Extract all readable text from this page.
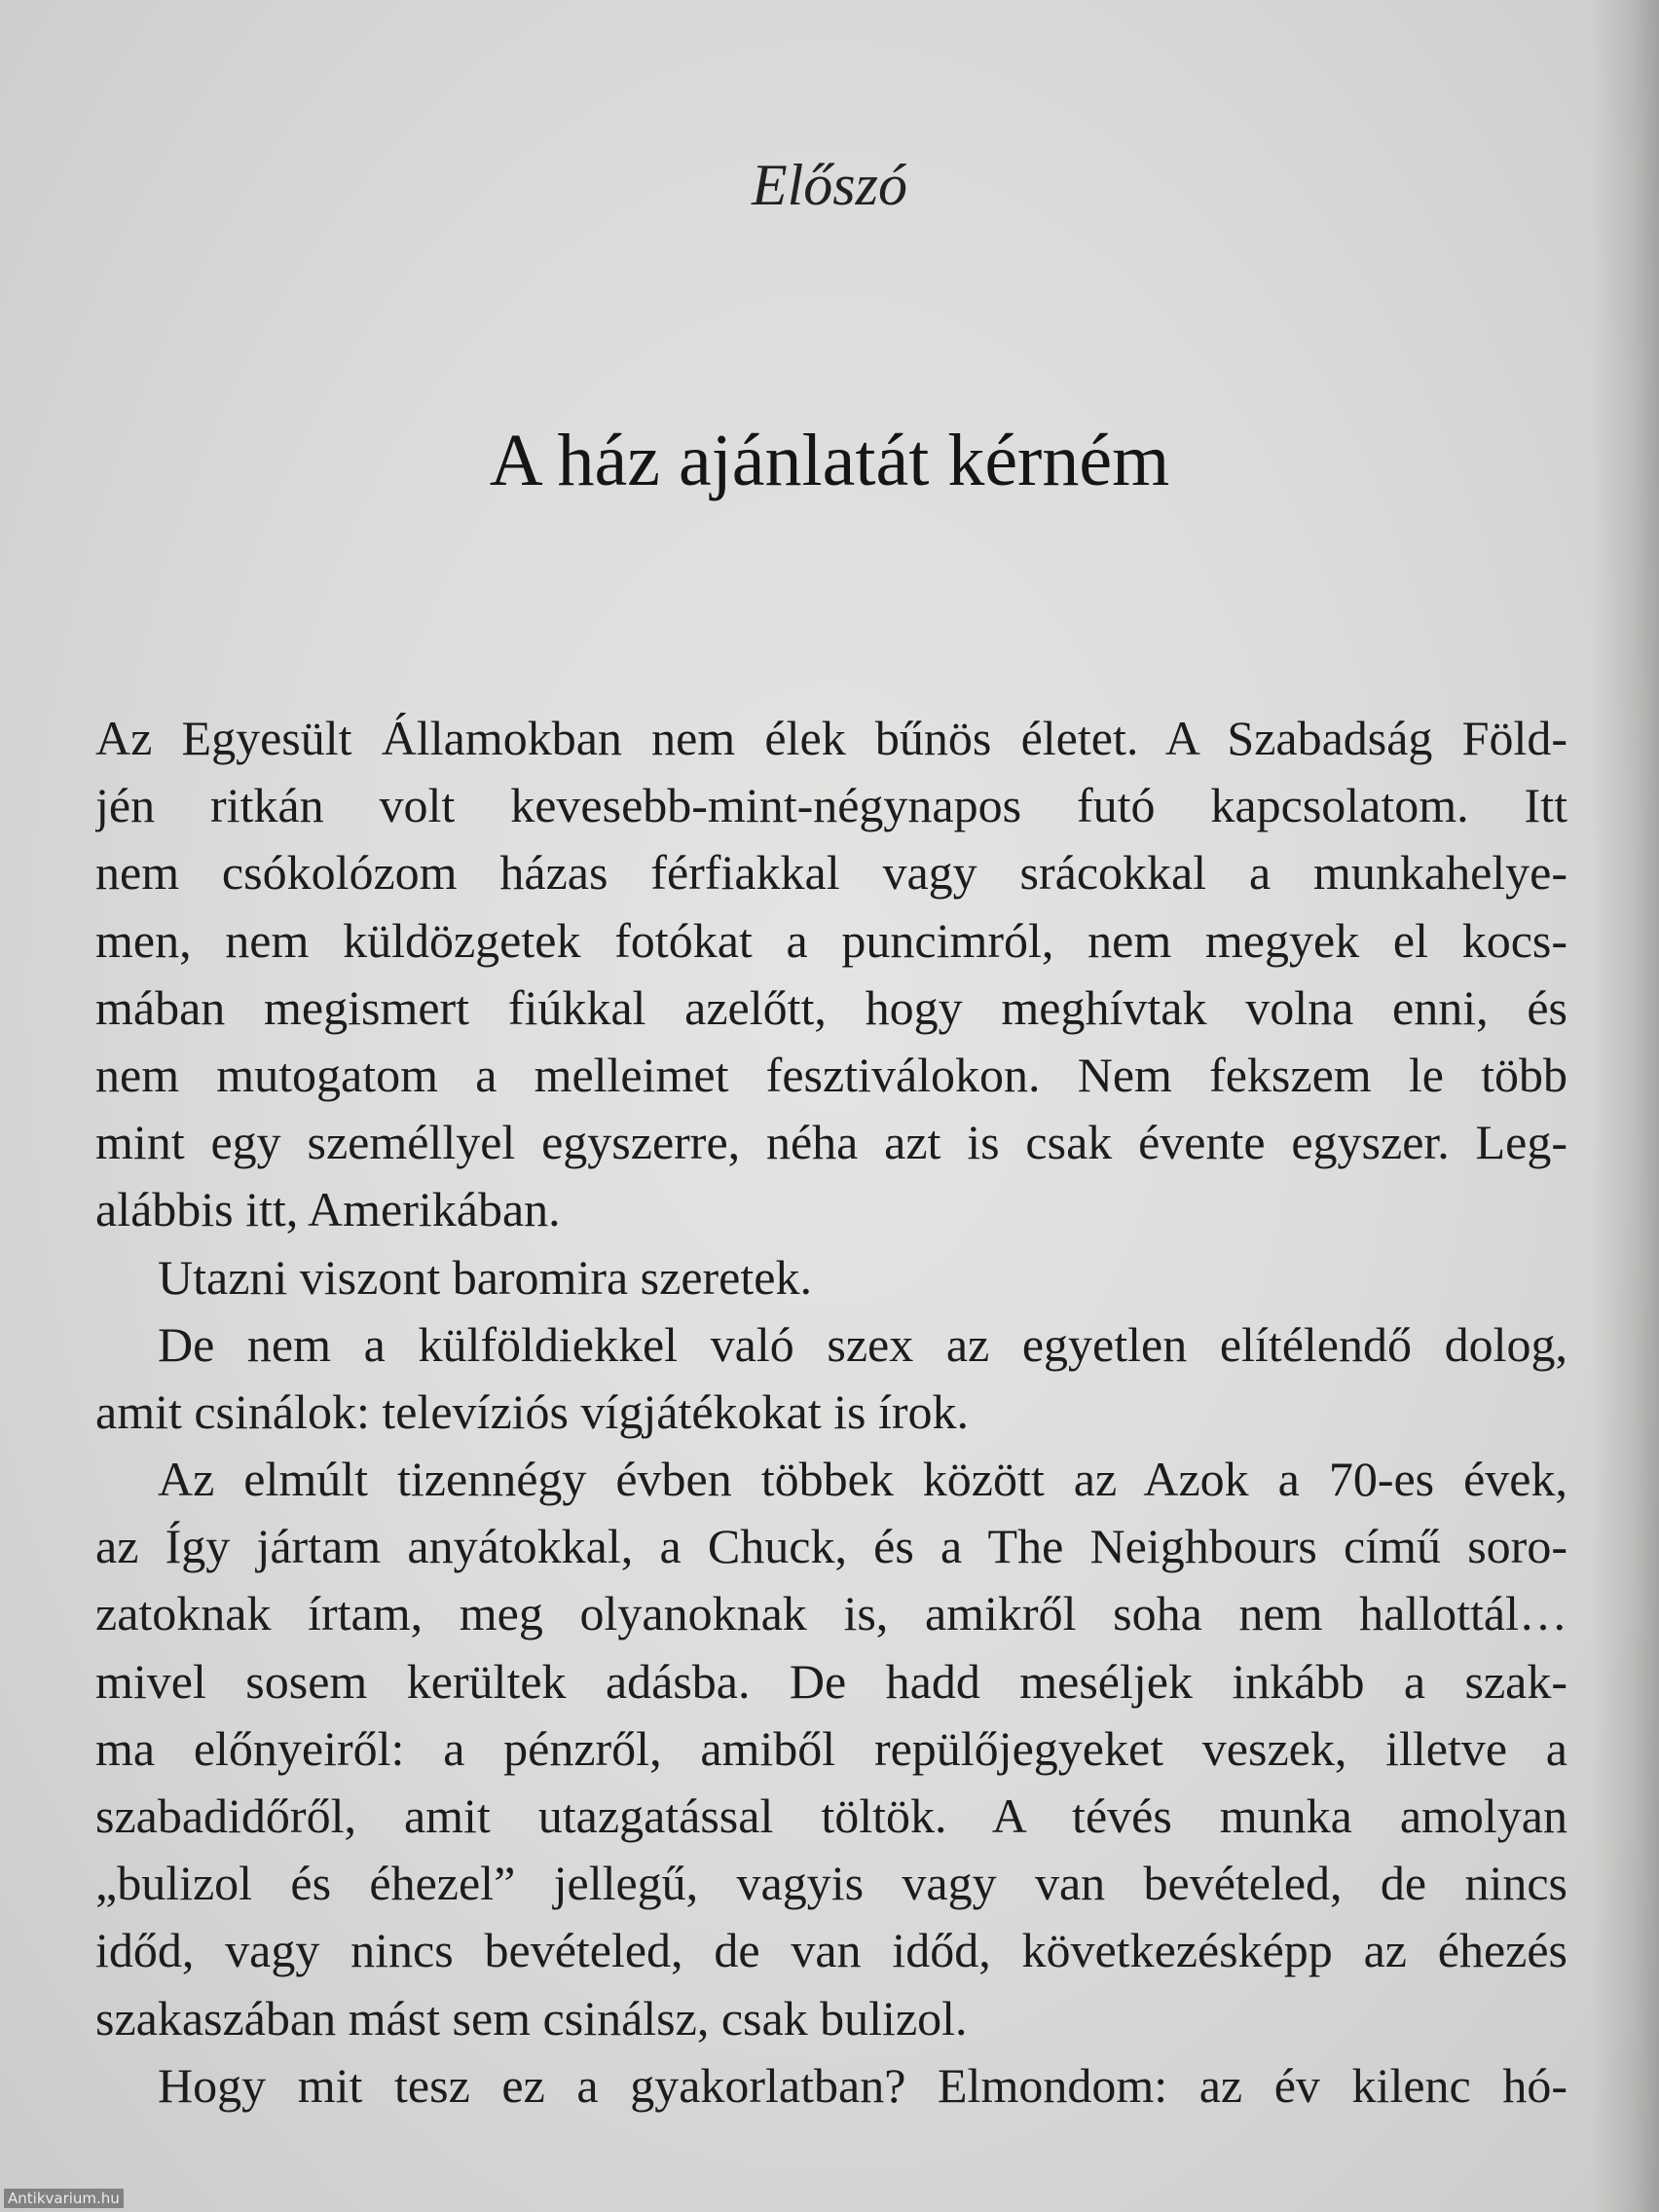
Előszó
A ház ajánlatát kérném
Az Egyesült Államokban nem élek bűnös életet. A Szabadság Föld-
jén ritkán volt kevesebb-mint-négynapos futó kapcsolatom. Itt
nem csókolózom házas férfiakkal vagy srácokkal a munkahelye-
men, nem küldözgetek fotókat a puncimról, nem megyek el kocs-
mában megismert fiúkkal azelőtt, hogy meghívtak volna enni, és
nem mutogatom a melleimet fesztiválokon. Nem fekszem le több
mint egy személlyel egyszerre, néha azt is csak évente egyszer. Leg-
alábbis itt, Amerikában.
Utazni viszont baromira szeretek.
De nem a külföldiekkel való szex az egyetlen elítélendő dolog,
amit csinálok: televíziós vígjátékokat is írok.
Az elmúlt tizennégy évben többek között az Azok a 70-es évek,
az Így jártam anyátokkal, a Chuck, és a The Neighbours című soro-
zatoknak írtam, meg olyanoknak is, amikről soha nem hallottál…
mivel sosem kerültek adásba. De hadd meséljek inkább a szak-
ma előnyeiről: a pénzről, amiből repülőjegyeket veszek, illetve a
szabadidőről, amit utazgatással töltök. A tévés munka amolyan
„bulizol és éhezel” jellegű, vagyis vagy van bevételed, de nincs
időd, vagy nincs bevételed, de van időd, következésképp az éhezés
szakaszában mást sem csinálsz, csak bulizol.
Hogy mit tesz ez a gyakorlatban? Elmondom: az év kilenc hó-
Antikvarium.hu
